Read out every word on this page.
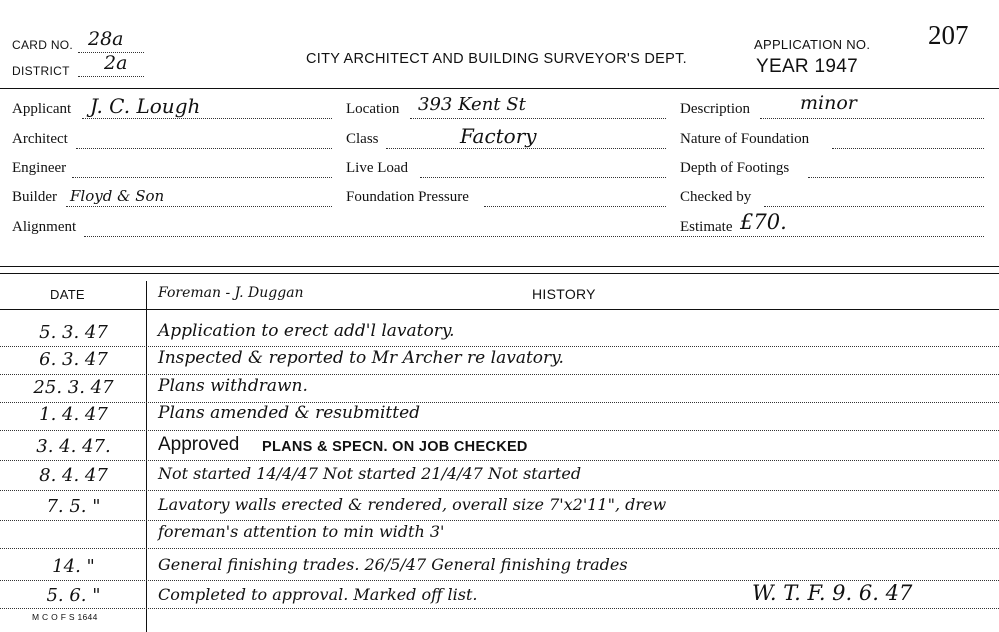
CARD NO. 28a
DISTRICT 2a	CITY ARCHITECT AND BUILDING SURVEYOR'S DEPT.
APPLICATION NO. 207
YEAR 1947
Applicant J. C. Lough
Architect
Engineer
Builder Floyd & Son
Alignment
Location 393 Kent St
Class	Factory
Live Load
Foundation Pressure
Description	minor
Nature of Foundation
Depth of Footings
Checked by
Estimate £70.
DATE	Foreman - J. Duggan	HISTORY
5. 3. 47	Application to erect add'l lavatory.
6. 3. 47	Inspected & reported to Mr Archer re lavatory.
25. 3. 47	Plans withdrawn.
1. 4. 47	Plans amended & resubmitted
3. 4. 47.	Approved PLANS & SPECN. ON JOB CHECKED
8. 4. 47	Not started 14/4/47 Not started 21/4/47 Not started
7. 5. "	Lavatory walls erected & rendered, overall size 7'x2'11", drew
foreman's attention to min width 3'
14. "	General finishing trades. 26/5/47 General finishing trades
5. 6. "	Completed to approval. Marked off list.	W. T. F. 9. 6. 47
M C O F S 1644
